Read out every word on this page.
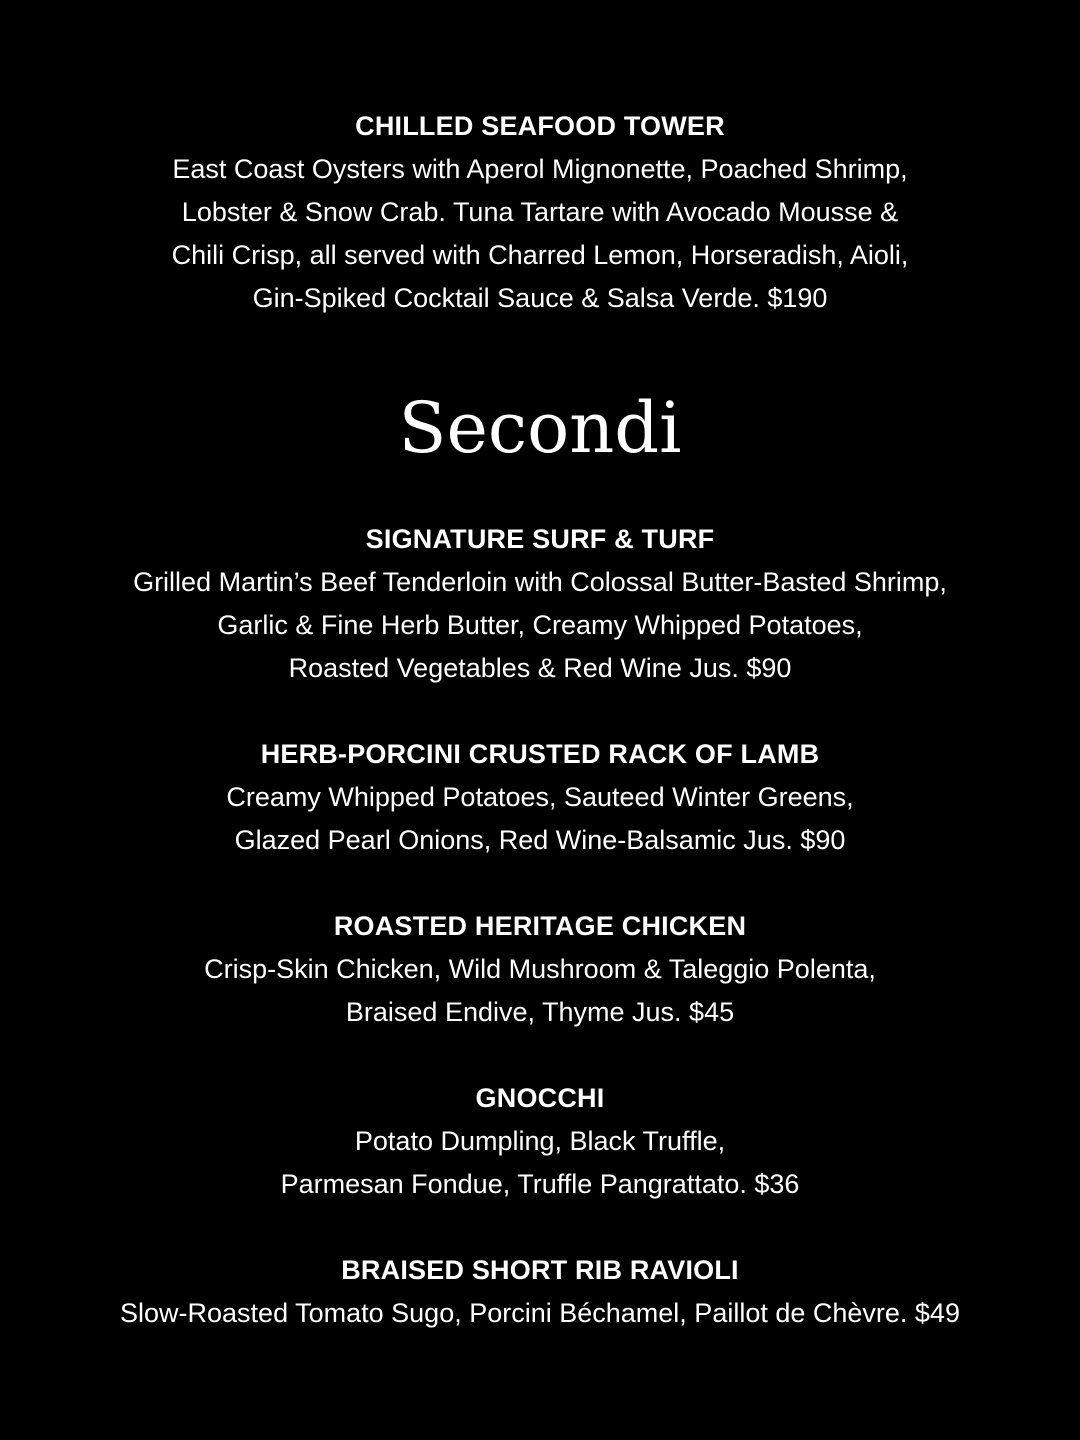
CHILLED SEAFOOD TOWER
East Coast Oysters with Aperol Mignonette, Poached Shrimp,
Lobster & Snow Crab. Tuna Tartare with Avocado Mousse &
Chili Crisp, all served with Charred Lemon, Horseradish, Aioli,
Gin-Spiked Cocktail Sauce & Salsa Verde. $190
Secondi
SIGNATURE SURF & TURF
Grilled Martin’s Beef Tenderloin with Colossal Butter-Basted Shrimp,
Garlic & Fine Herb Butter, Creamy Whipped Potatoes,
Roasted Vegetables & Red Wine Jus. $90
HERB-PORCINI CRUSTED RACK OF LAMB
Creamy Whipped Potatoes, Sauteed Winter Greens,
Glazed Pearl Onions, Red Wine-Balsamic Jus. $90
ROASTED HERITAGE CHICKEN
Crisp-Skin Chicken, Wild Mushroom & Taleggio Polenta,
Braised Endive, Thyme Jus. $45
GNOCCHI
Potato Dumpling, Black Truffle,
Parmesan Fondue, Truffle Pangrattato. $36
BRAISED SHORT RIB RAVIOLI
Slow-Roasted Tomato Sugo, Porcini Béchamel, Paillot de Chèvre. $49
